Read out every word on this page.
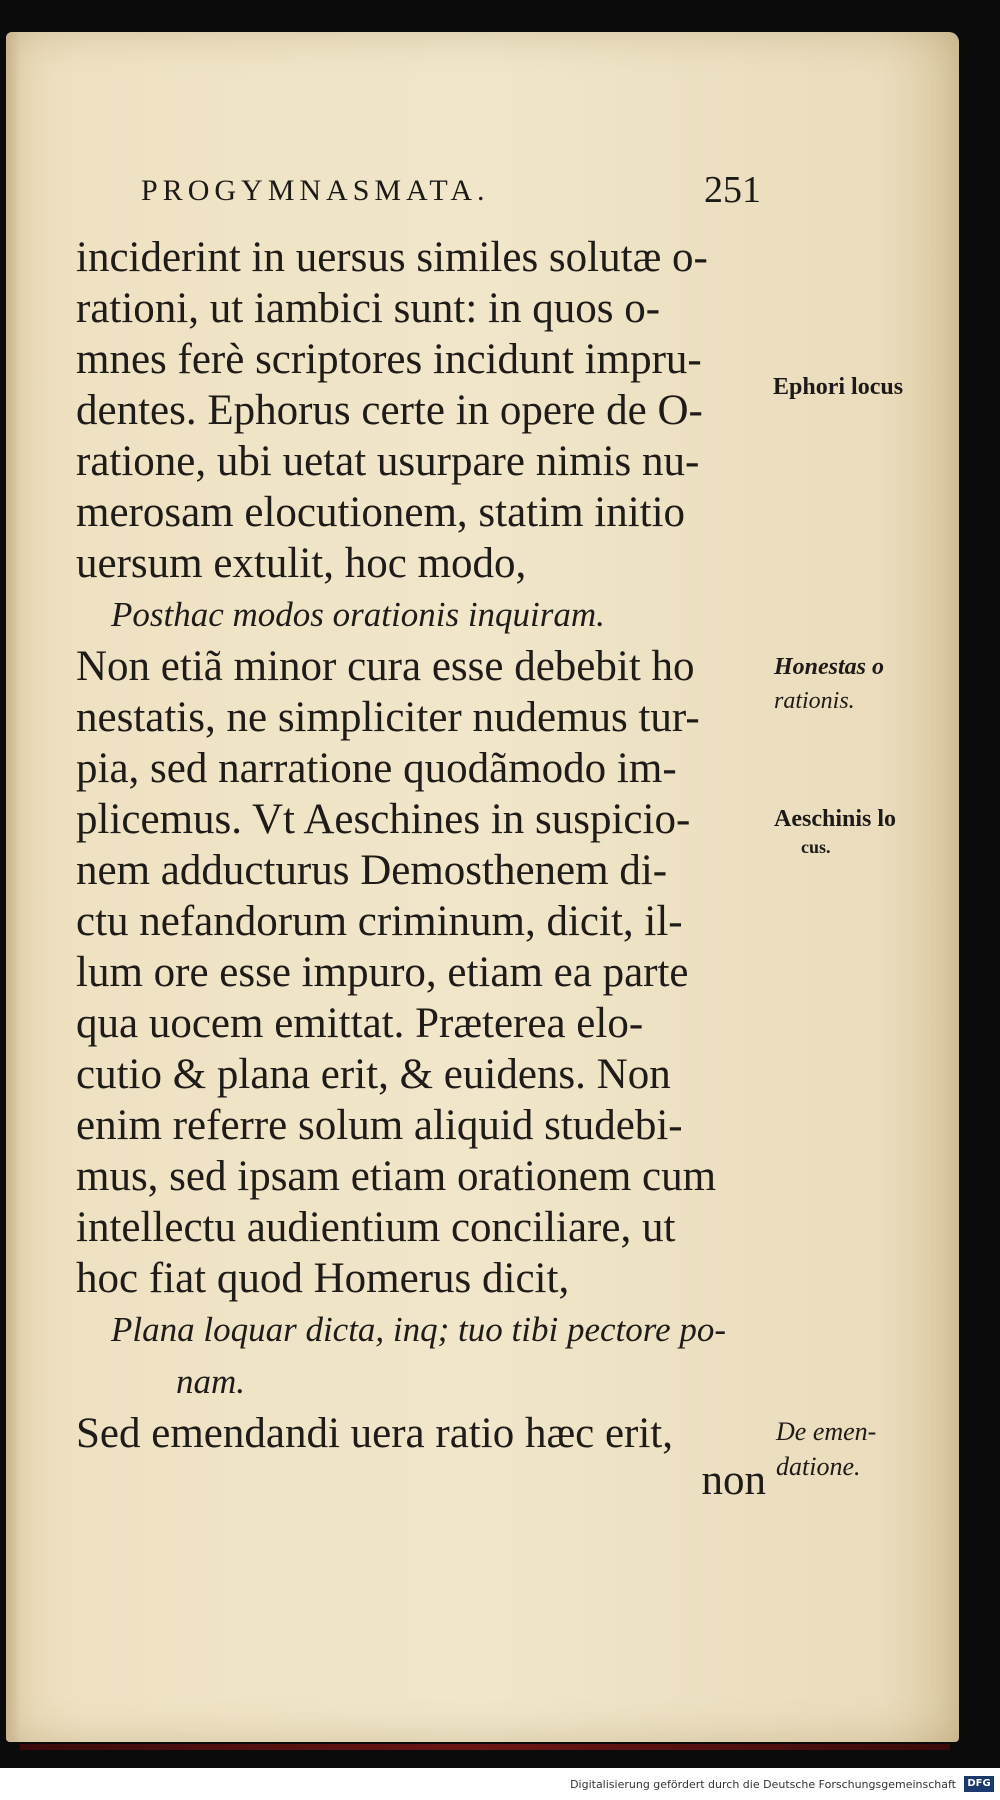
PROGYMNASMATA.	251
inciderint in uersus similes solutæ o-
rationi, ut iambici sunt: in quos o-
mnes ferè scriptores incidunt impru-
dentes. Ephorus certe in opere de O-
ratione, ubi uetat usurpare nimis nu-
merosam elocutionem, statim initio
uersum extulit, hoc modo,
Posthac modos orationis inquiram.
Non etiã minor cura esse debebit ho
nestatis, ne simpliciter nudemus tur-
pia, sed narratione quodãmodo im-
plicemus. Vt Aeschines in suspicio-
nem adducturus Demosthenem di-
ctu nefandorum criminum, dicit, il-
lum ore esse impuro, etiam ea parte
qua uocem emittat. Præterea elo-
cutio & plana erit, & euidens. Non
enim referre solum aliquid studebi-
mus, sed ipsam etiam orationem cum
intellectu audientium conciliare, ut
hoc fiat quod Homerus dicit,
Plana loquar dicta, inq; tuo tibi pectore po-
nam.
Sed emendandi uera ratio hæc erit,
non
Ephori locus
Honestas o
rationis.
Aeschinis lo
cus.
De emen-
datione.
Digitalisierung gefördert durch die Deutsche Forschungsgemeinschaft	DFG
